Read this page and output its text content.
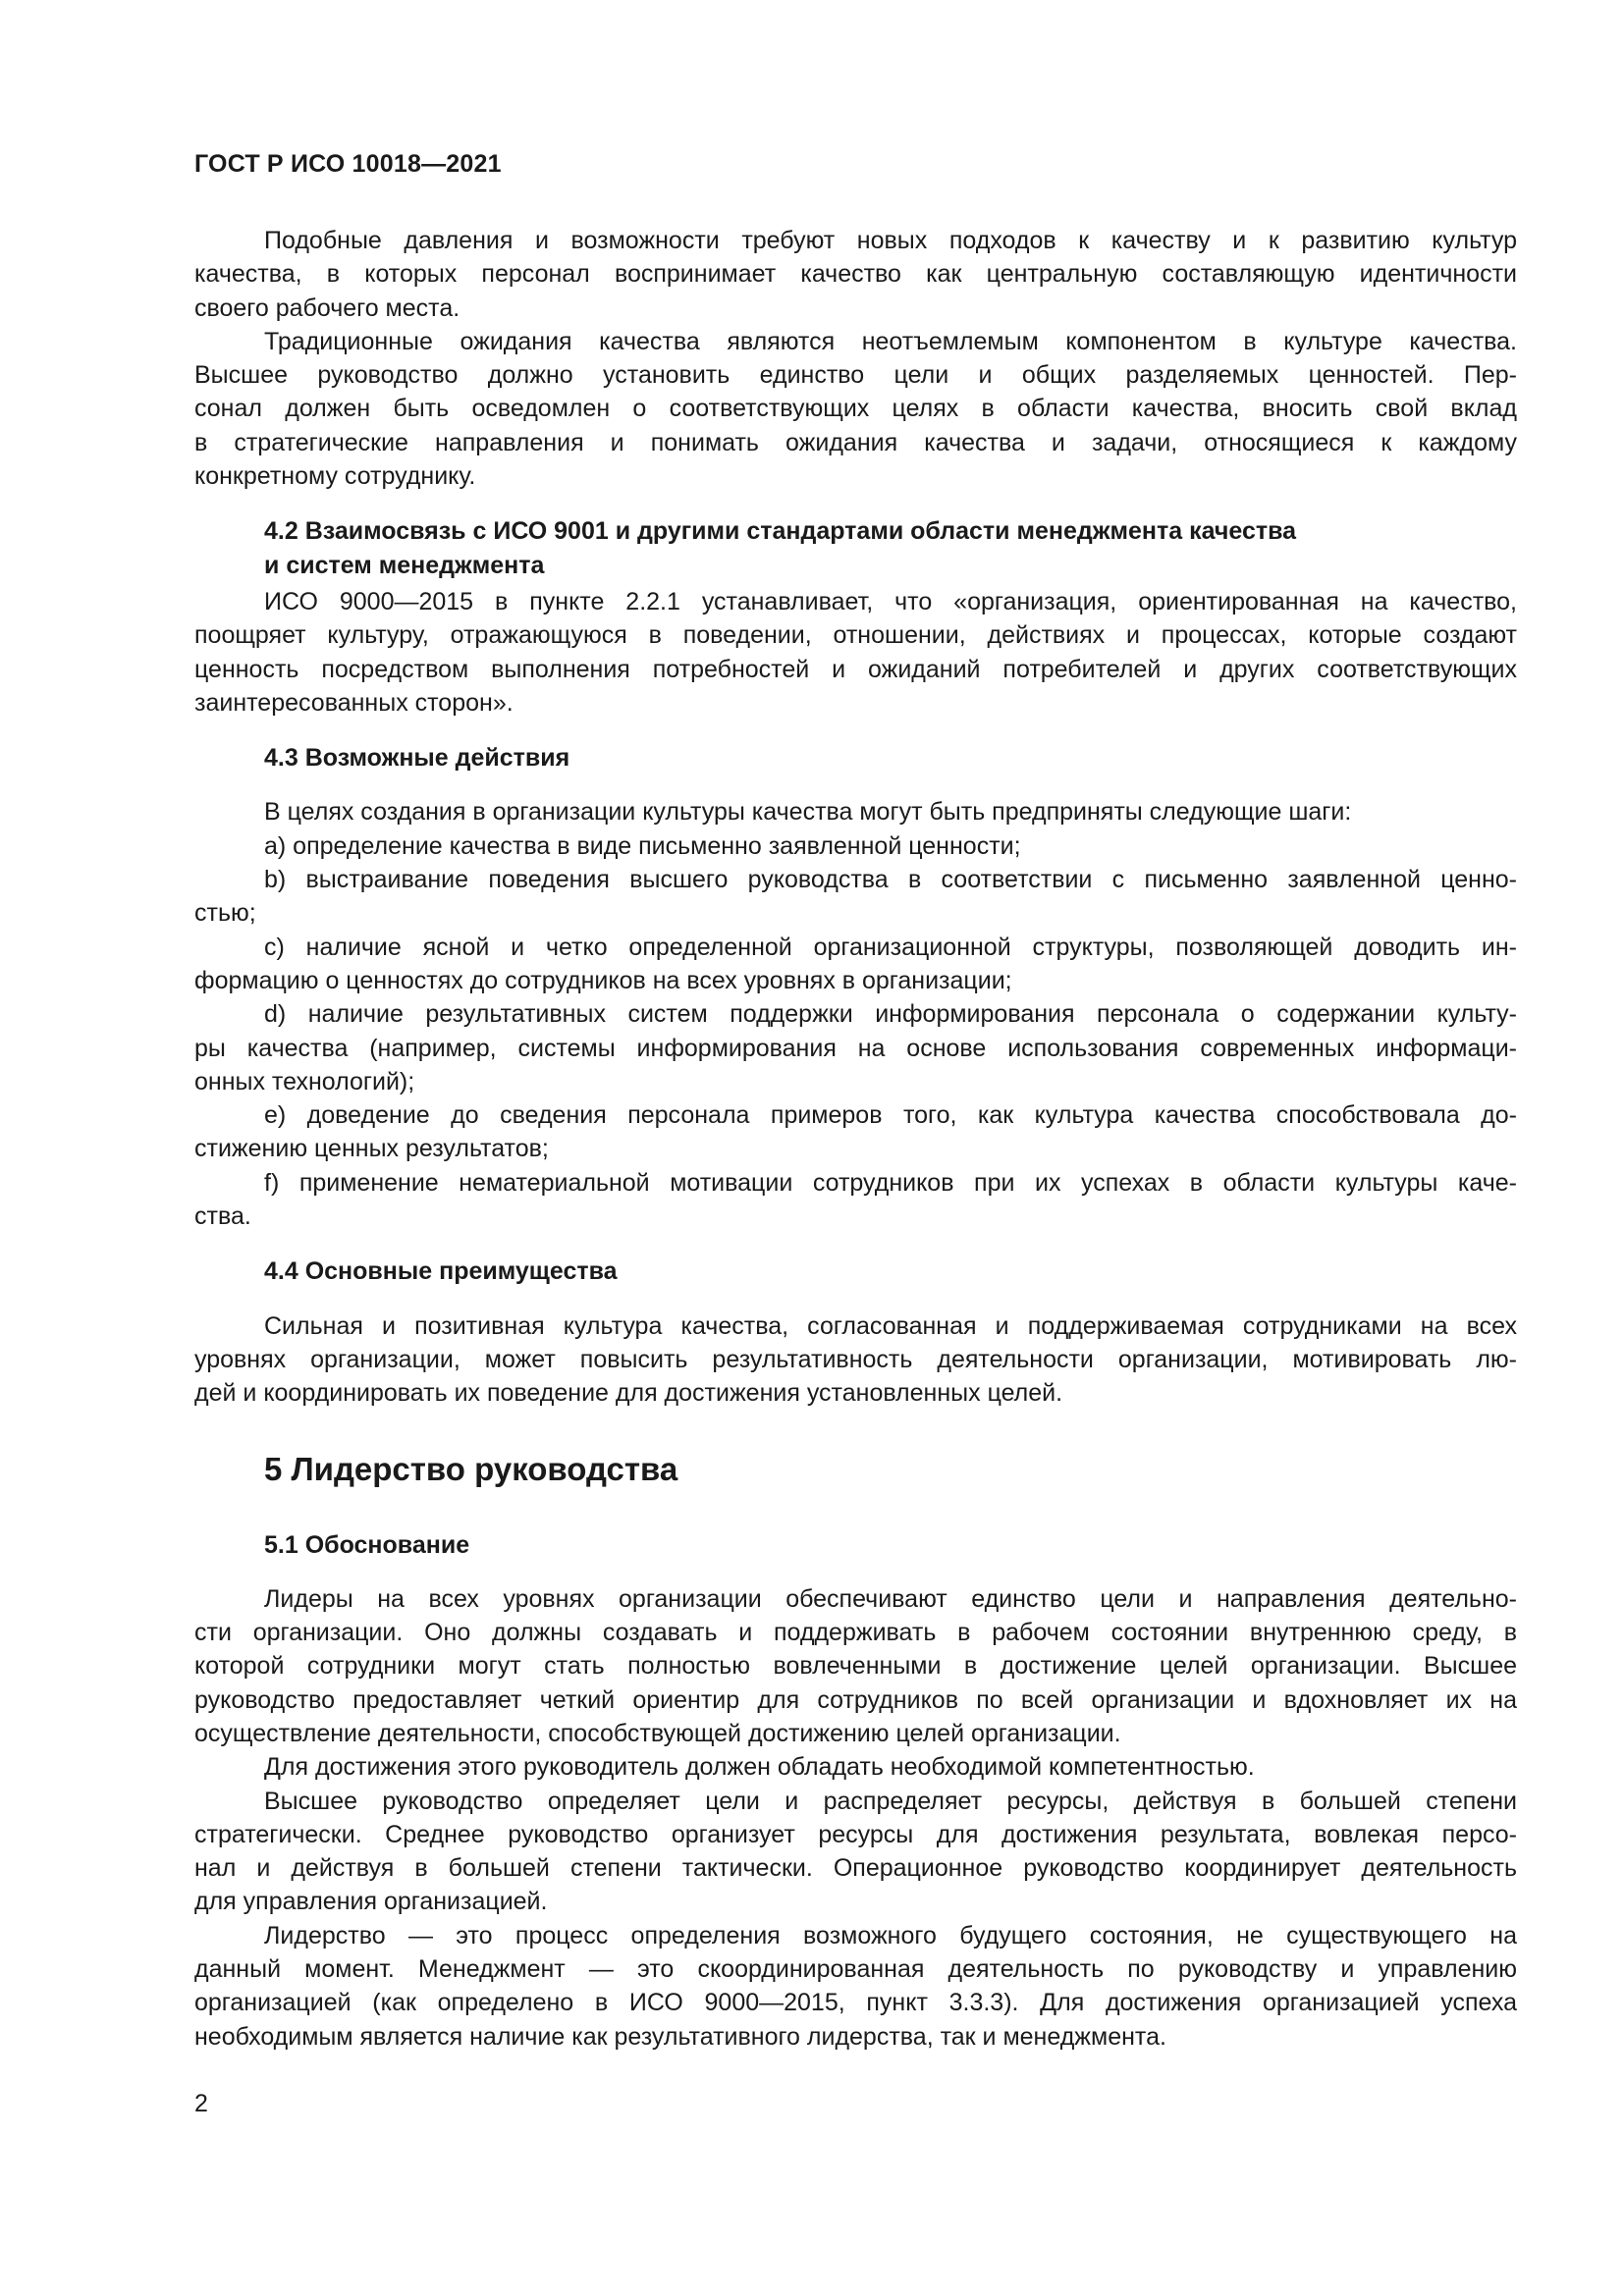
ГОСТ Р ИСО 10018—2021
Подобные давления и возможности требуют новых подходов к качеству и к развитию культур
качества, в которых персонал воспринимает качество как центральную составляющую идентичности
своего рабочего места.
Традиционные ожидания качества являются неотъемлемым компонентом в культуре качества.
Высшее руководство должно установить единство цели и общих разделяемых ценностей. Пер-
сонал должен быть осведомлен о соответствующих целях в области качества, вносить свой вклад
в стратегические направления и понимать ожидания качества и задачи, относящиеся к каждому
конкретному сотруднику.
4.2 Взаимосвязь с ИСО 9001 и другими стандартами области менеджмента качества
и систем менеджмента
ИСО 9000—2015 в пункте 2.2.1 устанавливает, что «организация, ориентированная на качество,
поощряет культуру, отражающуюся в поведении, отношении, действиях и процессах, которые создают
ценность посредством выполнения потребностей и ожиданий потребителей и других соответствующих
заинтересованных сторон».
4.3 Возможные действия
В целях создания в организации культуры качества могут быть предприняты следующие шаги:
а) определение качества в виде письменно заявленной ценности;
b) выстраивание поведения высшего руководства в соответствии с письменно заявленной ценно-
стью;
с) наличие ясной и четко определенной организационной структуры, позволяющей доводить ин-
формацию о ценностях до сотрудников на всех уровнях в организации;
d) наличие результативных систем поддержки информирования персонала о содержании культу-
ры качества (например, системы информирования на основе использования современных информаци-
онных технологий);
е) доведение до сведения персонала примеров того, как культура качества способствовала до-
стижению ценных результатов;
f) применение нематериальной мотивации сотрудников при их успехах в области культуры каче-
ства.
4.4 Основные преимущества
Сильная и позитивная культура качества, согласованная и поддерживаемая сотрудниками на всех
уровнях организации, может повысить результативность деятельности организации, мотивировать лю-
дей и координировать их поведение для достижения установленных целей.
5 Лидерство руководства
5.1 Обоснование
Лидеры на всех уровнях организации обеспечивают единство цели и направления деятельно-
сти организации. Оно должны создавать и поддерживать в рабочем состоянии внутреннюю среду, в
которой сотрудники могут стать полностью вовлеченными в достижение целей организации. Высшее
руководство предоставляет четкий ориентир для сотрудников по всей организации и вдохновляет их на
осуществление деятельности, способствующей достижению целей организации.
Для достижения этого руководитель должен обладать необходимой компетентностью.
Высшее руководство определяет цели и распределяет ресурсы, действуя в большей степени
стратегически. Среднее руководство организует ресурсы для достижения результата, вовлекая персо-
нал и действуя в большей степени тактически. Операционное руководство координирует деятельность
для управления организацией.
Лидерство — это процесс определения возможного будущего состояния, не существующего на
данный момент. Менеджмент — это скоординированная деятельность по руководству и управлению
организацией (как определено в ИСО 9000—2015, пункт 3.3.3). Для достижения организацией успеха
необходимым является наличие как результативного лидерства, так и менеджмента.
2
